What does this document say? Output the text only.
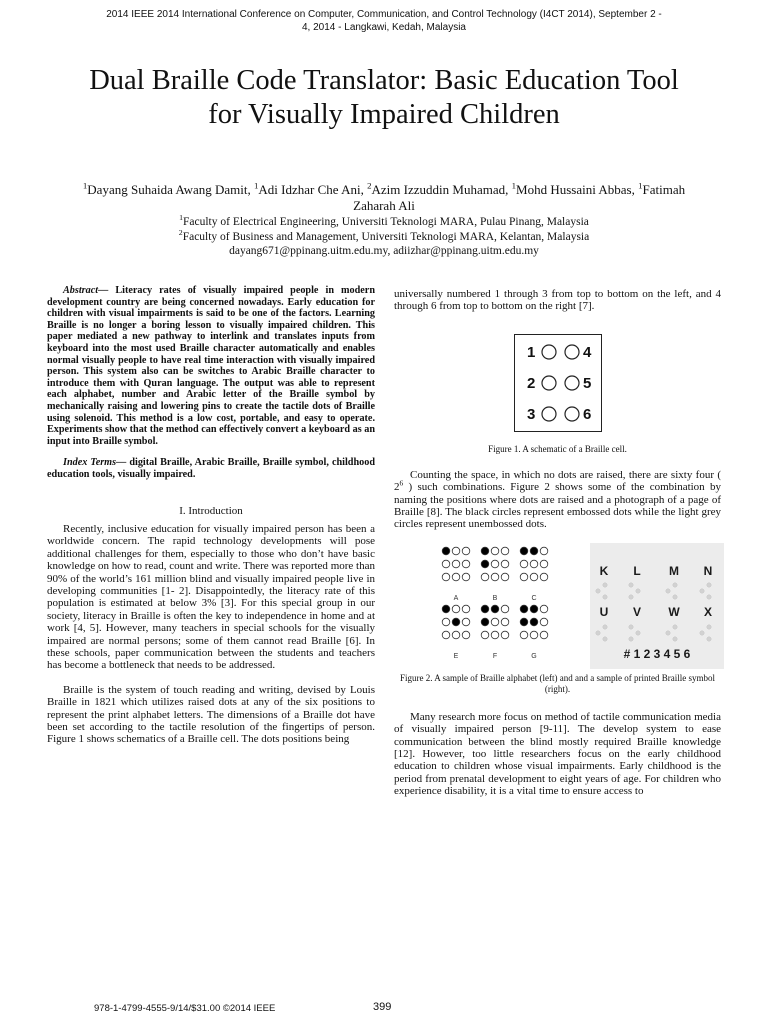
2014 IEEE 2014 International Conference on Computer, Communication, and Control Technology (I4CT 2014), September 2 -
4, 2014 - Langkawi, Kedah, Malaysia
Dual Braille Code Translator: Basic Education Tool
for Visually Impaired Children
$^1$Dayang Suhaida Awang Damit, $^1$Adi Idzhar Che Ani, $^2$Azim Izzuddin Muhamad, $^1$Mohd Hussaini Abbas, $^1$Fatimah
Zaharah Ali
$^1$Faculty of Electrical Engineering, Universiti Teknologi MARA, Pulau Pinang, Malaysia
$^2$Faculty of Business and Management, Universiti Teknologi MARA, Kelantan, Malaysia
dayang671@ppinang.uitm.edu.my, adiizhar@ppinang.uitm.edu.my

Abstract— Literacy rates of visually impaired people in modern development country are being concerned nowadays. Early education for children with visual impairments is said to be one of the factors. Learning Braille is no longer a boring lesson to visually impaired children. This paper mediated a new pathway to interlink and translates inputs from keyboard into the most used Braille character automatically and enables normal visually people to have real time interaction with visually impaired person. This system also can be switches to Arabic Braille character to introduce them with Quran language. The output was able to represent each alphabet, number and Arabic letter of the Braille symbol by mechanically raising and lowering pins to create the tactile dots of Braille using solenoid. This method is a low cost, portable, and easy to operate. Experiments show that the method can effectively convert a keyboard as an input into Braille symbol.

Index Terms— digital Braille, Arabic Braille, Braille symbol, childhood education tools, visually impaired.

I. Introduction

Recently, inclusive education for visually impaired person has been a worldwide concern. The rapid technology developments will pose additional challenges for them, especially to those who don’t have basic knowledge on how to read, count and write. There was reported more than 90% of the world’s 161 million blind and visually impaired people live in developing communities [1- 2]. Disappointedly, the literacy rate of this population is estimated at below 3% [3]. For this special group in our society, literacy in Braille is often the key to independence in home and at work [4, 5]. However, many teachers in special schools for the visually impaired are normal persons; some of them cannot read Braille [6]. In these schools, paper communication between the students and teachers has become a bottleneck that needs to be addressed.

Braille is the system of touch reading and writing, devised by Louis Braille in 1821 which utilizes raised dots at any of the six positions to represent the print alphabet letters. The dimensions of a Braille dot have been set according to the tactile resolution of the fingertips of person. Figure 1 shows schematics of a Braille cell. The dots positions being

universally numbered 1 through 3 from top to bottom on the left, and 4 through 6 from top to bottom on the right [7].

1
2
3
4
5
6

Figure 1. A schematic of a Braille cell.

Counting the space, in which no dots are raised, there are sixty four ( $2^6$ ) such combinations. Figure 2 shows some of the combination by naming the positions where dots are raised and a photograph of a page of Braille [8]. The black circles represent embossed dots while the light grey circles represent unembossed dots.

A	B	C
E	F	G
K L M N
U V W X
# 1 2 3 4 5 6

Figure 2. A sample of Braille alphabet (left) and and a sample of printed Braille symbol (right).

Many research more focus on method of tactile communication media of visually impaired person [9-11]. The develop system to ease communication between the blind mostly required Braille knowledge [12]. However, too little researchers focus on the early childhood education to children whose visual impairments. Early childhood is the period from prenatal development to eight years of age. For children who experience disability, it is a vital time to ensure access to

978-1-4799-4555-9/14/$31.00 ©2014 IEEE	399
